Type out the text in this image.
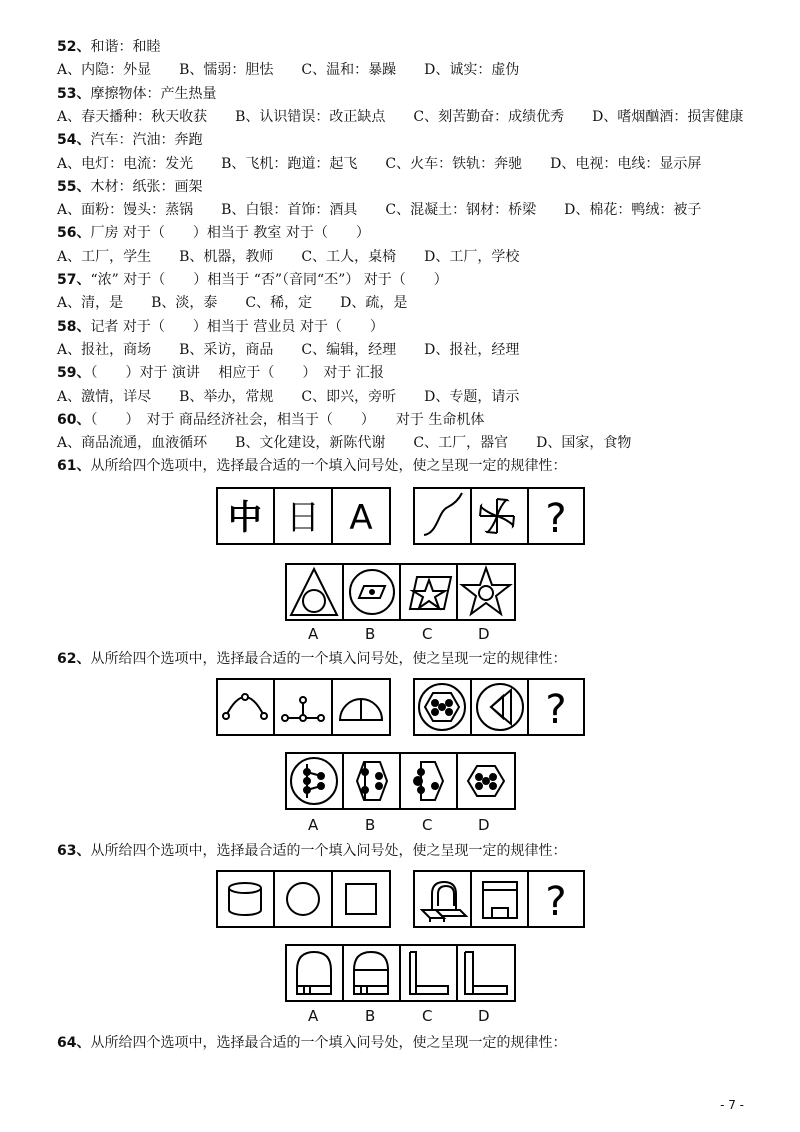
52、和谐：和睦
A、内隐：外显　　B、懦弱：胆怯　　C、温和：暴躁　　D、诚实：虚伪
53、摩擦物体：产生热量
A、春天播种：秋天收获　　B、认识错误：改正缺点　　C、刻苦勤奋：成绩优秀　　D、嗜烟酗酒：损害健康
54、汽车：汽油：奔跑
A、电灯：电流：发光　　B、飞机：跑道：起飞　　C、火车：铁轨：奔驰　　D、电视：电线：显示屏
55、木材：纸张：画架
A、面粉：馒头：蒸锅　　B、白银：首饰：酒具　　C、混凝土：钢材：桥梁　　D、棉花：鸭绒：被子
56、厂房 对于（　　）相当于 教室 对于（　　）
A、工厂，学生　　B、机器，教师　　C、工人，桌椅　　D、工厂，学校
57、“浓” 对于（　　）相当于 “否”（音同“丕”） 对于（　　）
A、清，是　　B、淡，泰　　C、稀，定　　D、疏，是
58、记者 对于（　　）相当于 营业员 对于（　　）
A、报社，商场　　B、采访，商品　　C、编辑，经理　　D、报社，经理
59、（　　）对于 演讲　 相应于（　　）　对于 汇报
A、激情，详尽　　B、举办，常规　　C、即兴，旁听　　D、专题，请示
60、（　　）　对于 商品经济社会，相当于（　　）　　对于 生命机体
A、商品流通，血液循环　　B、文化建设，新陈代谢　　C、工厂，器官　　D、国家，食物
61、从所给四个选项中，选择最合适的一个填入问号处，使之呈现一定的规律性：
中 日 A	?
A	B	C	D
62、从所给四个选项中，选择最合适的一个填入问号处，使之呈现一定的规律性：
?
A	B	C	D
63、从所给四个选项中，选择最合适的一个填入问号处，使之呈现一定的规律性：
?
A	B	C	D
64、从所给四个选项中，选择最合适的一个填入问号处，使之呈现一定的规律性：
- 7 -
